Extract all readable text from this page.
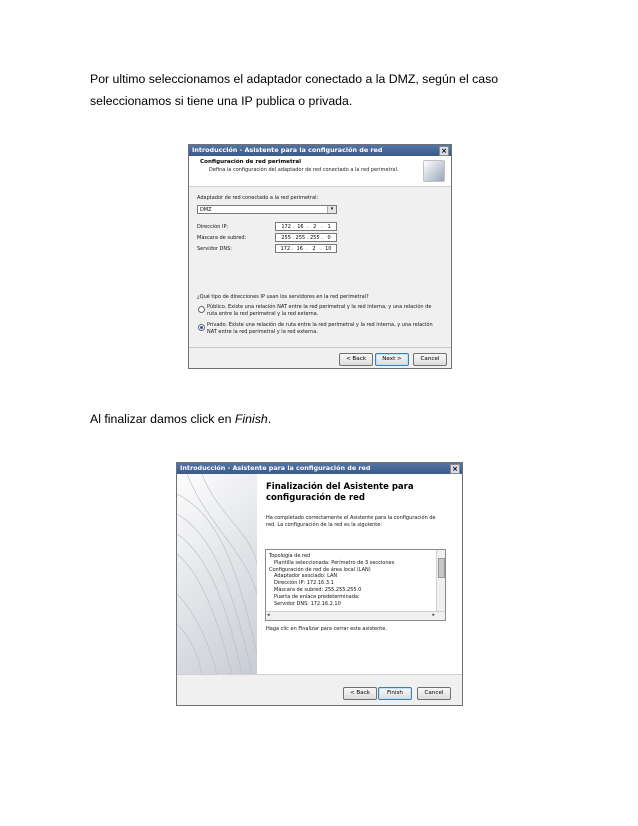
Por ultimo seleccionamos el adaptador conectado a la DMZ, según el caso seleccionamos si tiene una IP publica o privada.

Introducción - Asistente para la configuración de red	×
Configuración de red perimetral
Defina la configuración del adaptador de red conectado a la red perimetral.
Adaptador de red conectado a la red perimetral:
DMZ	▾
Dirección IP:	172 .  16  .   2   .   1
Máscara de subred:	255 . 255 . 255 .   0
Servidor DNS:	172 .  16  .   2   .  10
¿Qué tipo de direcciones IP usan los servidores en la red perimetral?
Público. Existe una relación NAT entre la red perimetral y la red interna, y una relación de ruta entre la red perimetral y la red externa.
Privado. Existe una relación de ruta entre la red perimetral y la red interna, y una relación NAT entre la red perimetral y la red externa.
< Back	Next >	Cancel

Al finalizar damos click en Finish.

Introducción - Asistente para la configuración de red	×
Finalización del Asistente para configuración de red
Ha completado correctamente el Asistente para la configuración de red. La configuración de la red es la siguiente:
Topología de red
Plantilla seleccionada: Perímetro de 3 secciones
Configuración de red de área local (LAN)
Adaptador asociado: LAN
Dirección IP: 172.16.3.1
Máscara de subred: 255.255.255.0
Puerta de enlace predeterminada:
Servidor DNS: 172.16.2.10
◂	▸
Haga clic en Finalizar para cerrar este asistente.
< Back	Finish	Cancel
